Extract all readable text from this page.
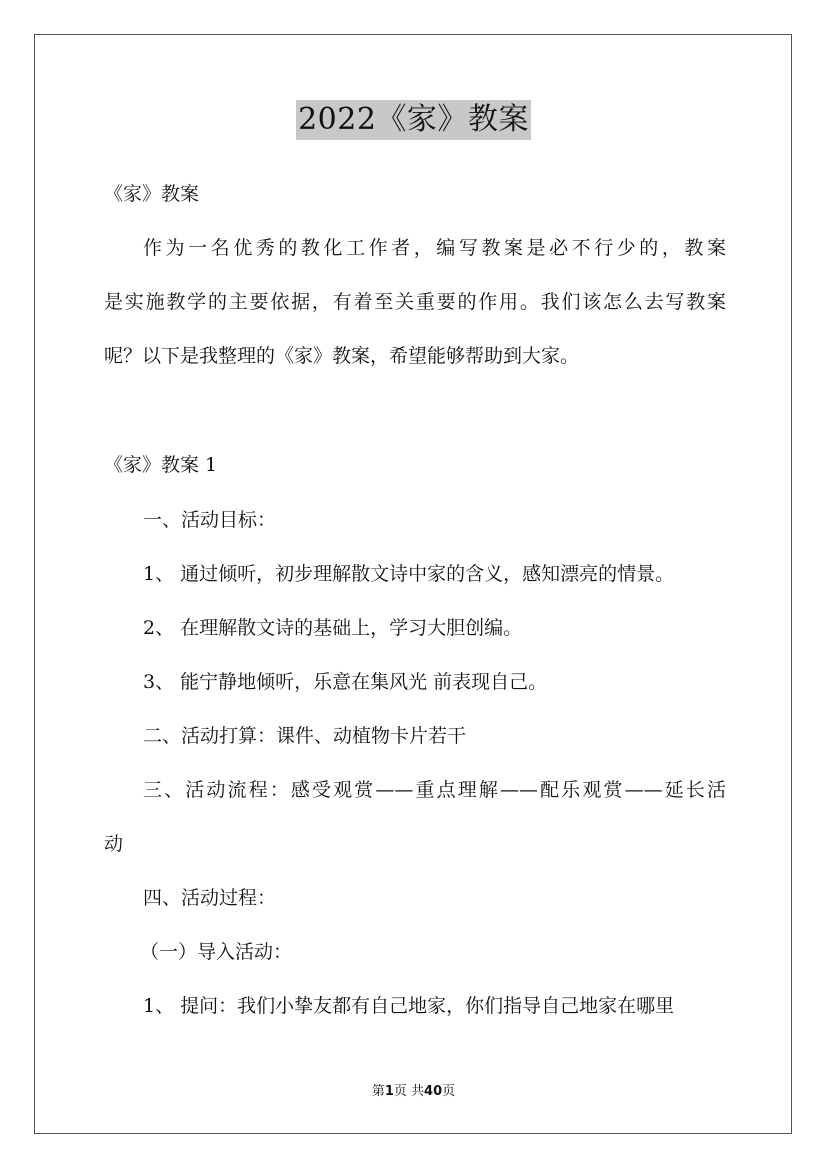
2022《家》教案
《家》教案
作为一名优秀的教化工作者，编写教案是必不行少的，教案
是实施教学的主要依据，有着至关重要的作用。我们该怎么去写教案
呢？以下是我整理的《家》教案，希望能够帮助到大家。
《家》教案 1
一、活动目标：
1、 通过倾听，初步理解散文诗中家的含义，感知漂亮的情景。
2、 在理解散文诗的基础上，学习大胆创编。
3、 能宁静地倾听，乐意在集风光 前表现自己。
二、活动打算：课件、动植物卡片若干
三、活动流程：感受观赏——重点理解——配乐观赏——延长活
动
四、活动过程：
（一）导入活动：
1、 提问：我们小挚友都有自己地家，你们指导自己地家在哪里
第1页 共40页
